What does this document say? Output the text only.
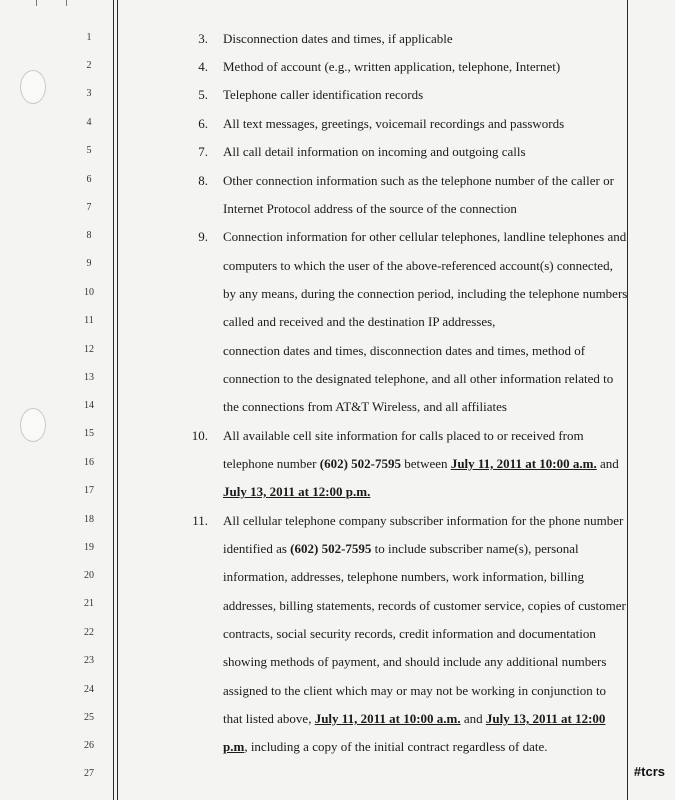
1
2
3
4
5
6
7
8
9
10
11
12
13
14
15
16
17
18
19
20
21
22
23
24
25
26
27
3. Disconnection dates and times, if applicable
4. Method of account (e.g., written application, telephone, Internet)
5. Telephone caller identification records
6. All text messages, greetings, voicemail recordings and passwords
7. All call detail information on incoming and outgoing calls
8. Other connection information such as the telephone number of the caller or
Internet Protocol address of the source of the connection
9. Connection information for other cellular telephones, landline telephones and
computers to which the user of the above-referenced account(s) connected,
by any means, during the connection period, including the telephone numbers
called and received and the destination IP addresses,
connection dates and times, disconnection dates and times, method of
connection to the designated telephone, and all other information related to
the connections from AT&T Wireless, and all affiliates
10. All available cell site information for calls placed to or received from
telephone number (602) 502-7595 between July 11, 2011 at 10:00 a.m. and
July 13, 2011 at 12:00 p.m.
11. All cellular telephone company subscriber information for the phone number
identified as (602) 502-7595 to include subscriber name(s), personal
information, addresses, telephone numbers, work information, billing
addresses, billing statements, records of customer service, copies of customer
contracts, social security records, credit information and documentation
showing methods of payment, and should include any additional numbers
assigned to the client which may or may not be working in conjunction to
that listed above, July 11, 2011 at 10:00 a.m. and July 13, 2011 at 12:00
p.m, including a copy of the initial contract regardless of date.
#tcrs
